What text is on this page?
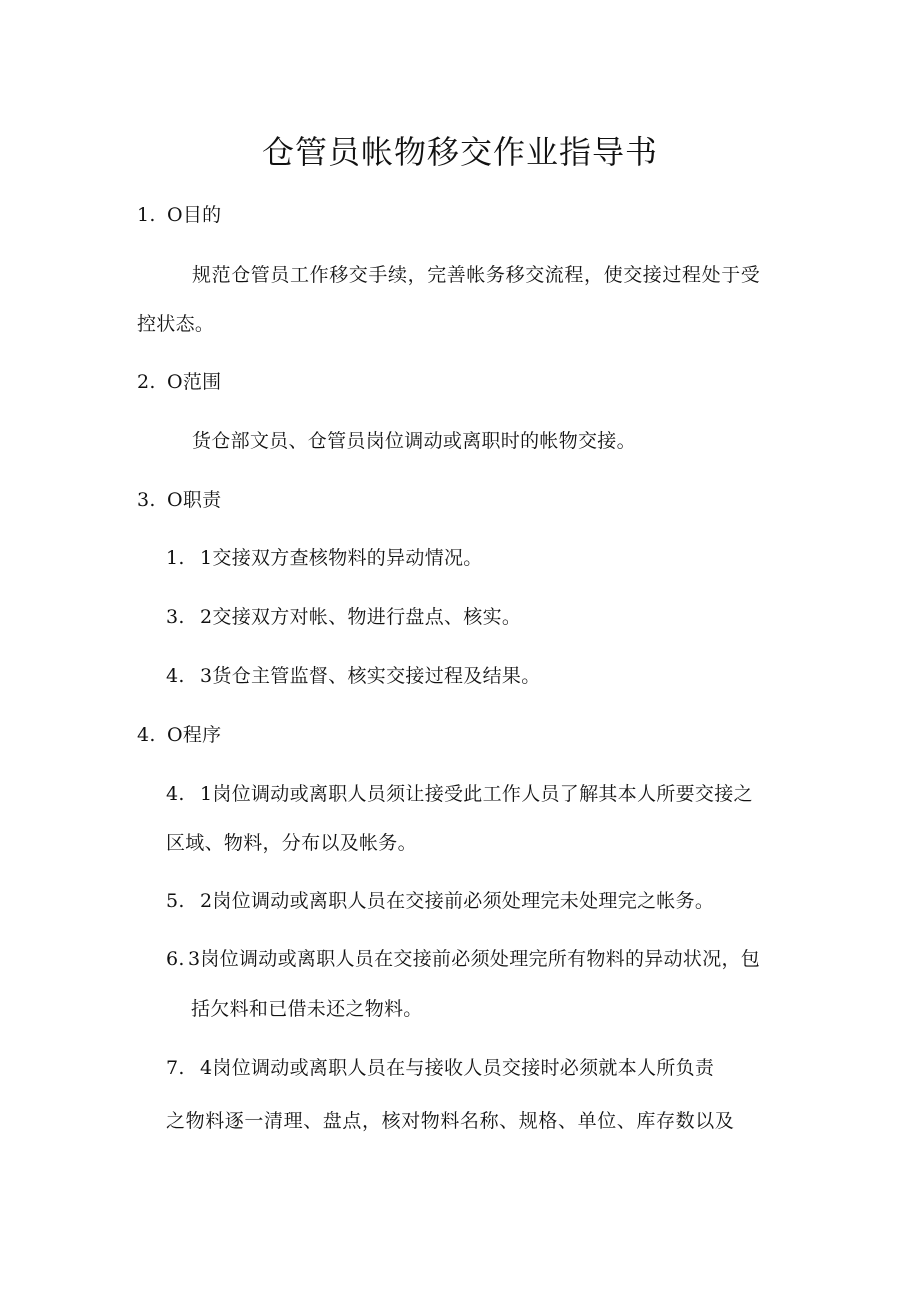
仓管员帐物移交作业指导书
1. O目的
规范仓管员工作移交手续，完善帐务移交流程，使交接过程处于受
控状态。
2. O范围
货仓部文员、仓管员岗位调动或离职时的帐物交接。
3. O职责
1. 1交接双方查核物料的异动情况。
3. 2交接双方对帐、物进行盘点、核实。
4. 3货仓主管监督、核实交接过程及结果。
4. O程序
4. 1岗位调动或离职人员须让接受此工作人员了解其本人所要交接之
区域、物料，分布以及帐务。
5. 2岗位调动或离职人员在交接前必须处理完未处理完之帐务。
6. 3岗位调动或离职人员在交接前必须处理完所有物料的异动状况，包
括欠料和已借未还之物料。
7. 4岗位调动或离职人员在与接收人员交接时必须就本人所负责
之物料逐一清理、盘点，核对物料名称、规格、单位、库存数以及
